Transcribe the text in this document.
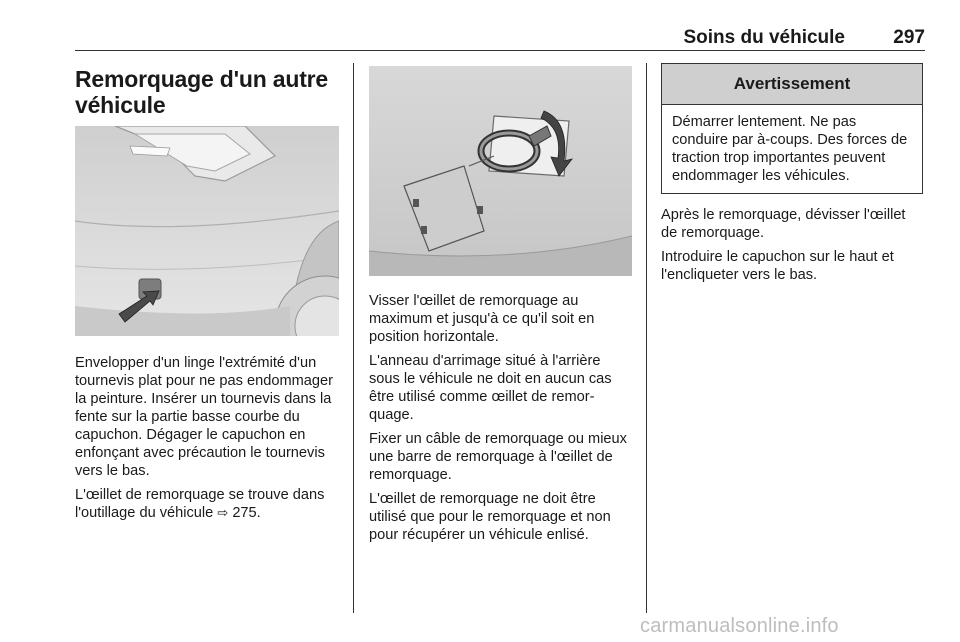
Soins du véhicule	297
Remorquage d'un autre
véhicule

Envelopper d'un linge l'extrémité d'un tournevis plat pour ne pas endommager la peinture. Insérer un tournevis dans la fente sur la partie basse courbe du capuchon. Dégager le capuchon en enfonçant avec précaution le tournevis vers le bas.

L'œillet de remorquage se trouve dans l'outillage du véhicule ⇨ 275.

Visser l'œillet de remorquage au maximum et jusqu'à ce qu'il soit en position horizontale.

L'anneau d'arrimage situé à l'arrière sous le véhicule ne doit en aucun cas être utilisé comme œillet de remorquage.

Fixer un câble de remorquage ou mieux une barre de remorquage à l'œillet de remorquage.

L'œillet de remorquage ne doit être utilisé que pour le remorquage et non pour récupérer un véhicule enlisé.

Avertissement
Démarrer lentement. Ne pas conduire par à-coups. Des forces de traction trop importantes peuvent endommager les véhicules.

Après le remorquage, dévisser l'œillet de remorquage.

Introduire le capuchon sur le haut et l'encliqueter vers le bas.

carmanualsonline.info
